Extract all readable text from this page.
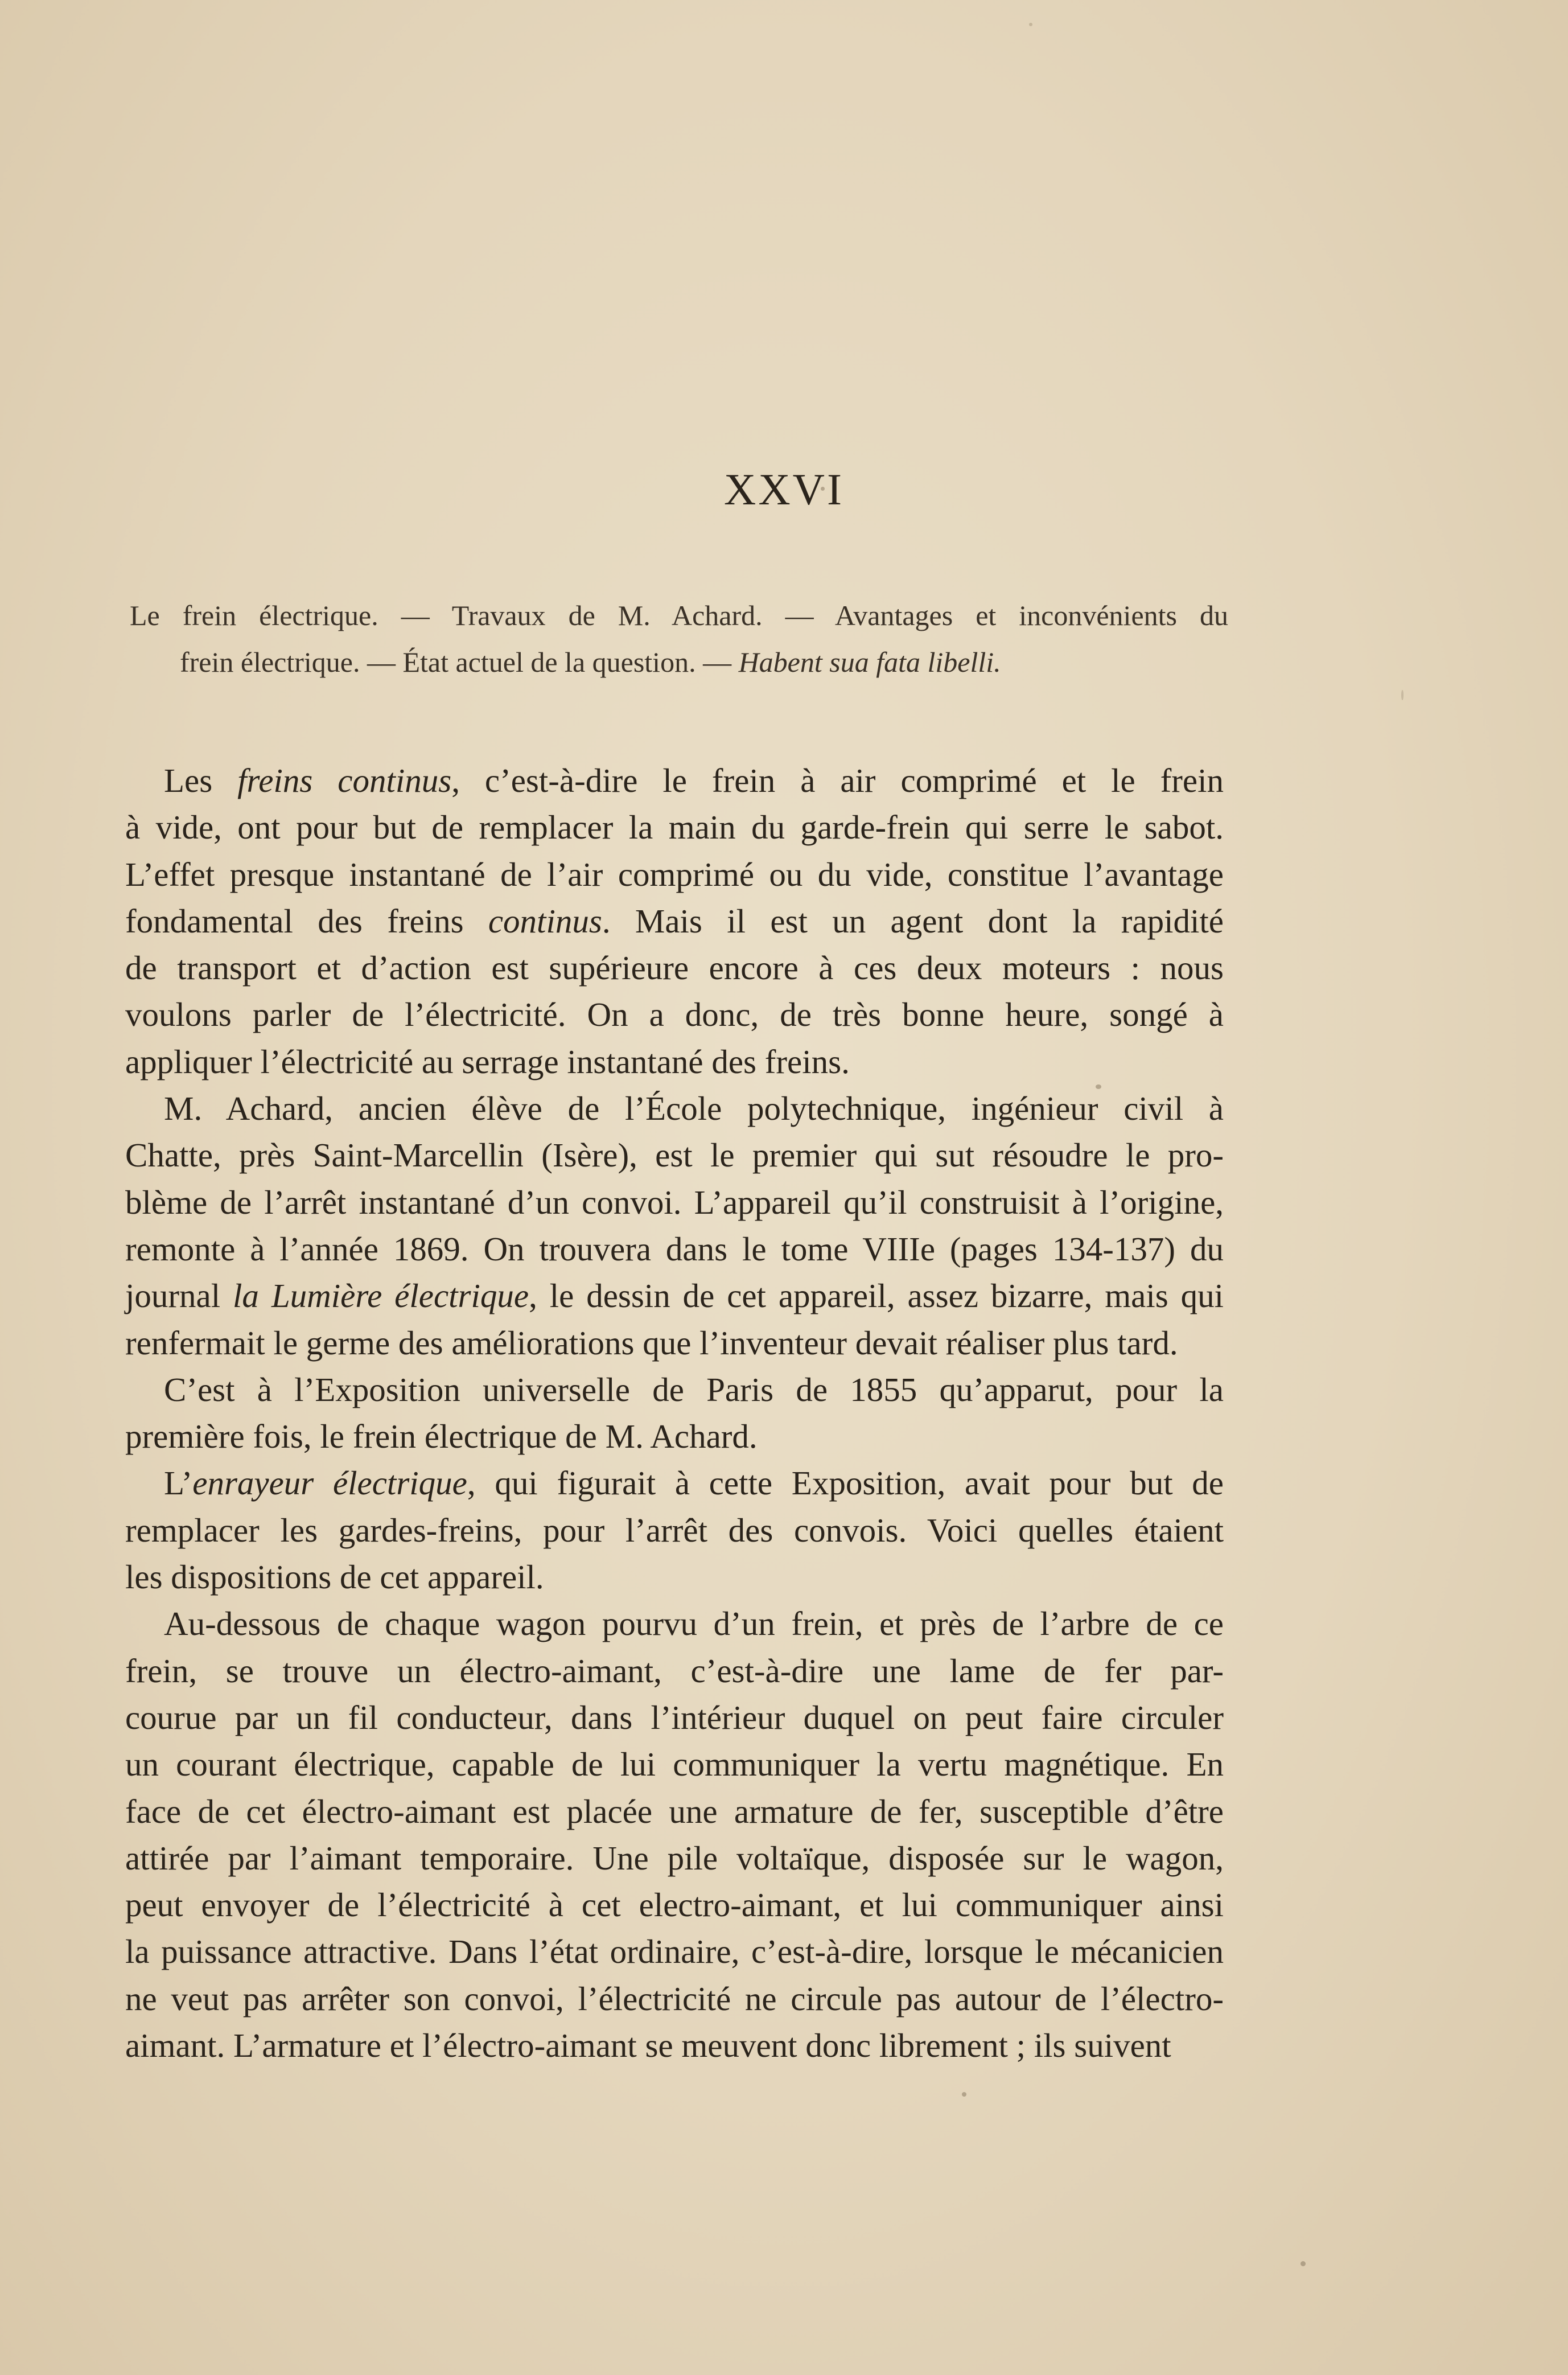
XXVI
Le frein électrique. — Travaux de M. Achard. — Avantages et inconvénients du
frein électrique. — État actuel de la question. — Habent sua fata libelli.

Les freins continus, c’est-à-dire le frein à air comprimé et le frein
à vide, ont pour but de remplacer la main du garde-frein qui serre le sabot.
L’effet presque instantané de l’air comprimé ou du vide, constitue l’avantage
fondamental des freins continus. Mais il est un agent dont la rapidité
de transport et d’action est supérieure encore à ces deux moteurs : nous
voulons parler de l’électricité. On a donc, de très bonne heure, songé à
appliquer l’électricité au serrage instantané des freins.

M. Achard, ancien élève de l’École polytechnique, ingénieur civil à
Chatte, près Saint-Marcellin (Isère), est le premier qui sut résoudre le pro-
blème de l’arrêt instantané d’un convoi. L’appareil qu’il construisit à l’origine,
remonte à l’année 1869. On trouvera dans le tome VIIIe (pages 134-137) du
journal la Lumière électrique, le dessin de cet appareil, assez bizarre, mais qui
renfermait le germe des améliorations que l’inventeur devait réaliser plus tard.

C’est à l’Exposition universelle de Paris de 1855 qu’apparut, pour la
première fois, le frein électrique de M. Achard.

L’enrayeur électrique, qui figurait à cette Exposition, avait pour but de
remplacer les gardes-freins, pour l’arrêt des convois. Voici quelles étaient
les dispositions de cet appareil.

Au-dessous de chaque wagon pourvu d’un frein, et près de l’arbre de ce
frein, se trouve un électro-aimant, c’est-à-dire une lame de fer par-
courue par un fil conducteur, dans l’intérieur duquel on peut faire circuler
un courant électrique, capable de lui communiquer la vertu magnétique. En
face de cet électro-aimant est placée une armature de fer, susceptible d’être
attirée par l’aimant temporaire. Une pile voltaïque, disposée sur le wagon,
peut envoyer de l’électricité à cet electro-aimant, et lui communiquer ainsi
la puissance attractive. Dans l’état ordinaire, c’est-à-dire, lorsque le mécanicien
ne veut pas arrêter son convoi, l’électricité ne circule pas autour de l’électro-
aimant. L’armature et l’électro-aimant se meuvent donc librement ; ils suivent
